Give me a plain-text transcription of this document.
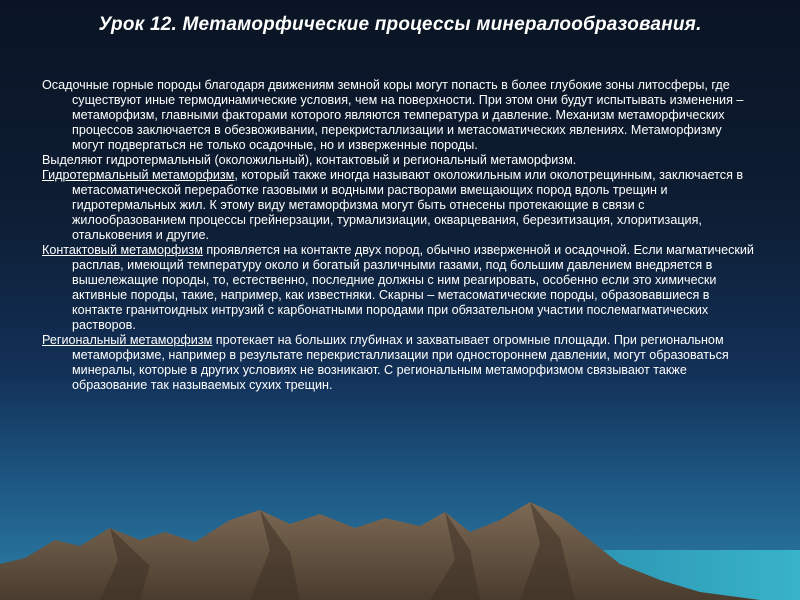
Урок 12. Метаморфические процессы минералообразования.

Осадочные горные породы благодаря движениям земной коры могут попасть в более глубокие зоны литосферы, где существуют иные термодинамические условия, чем на поверхности. При этом они будут испытывать изменения – метаморфизм, главными факторами которого являются температура и давление. Механизм метаморфических процессов заключается в обезвоживании, перекристаллизации и метасоматических явлениях. Метаморфизму могут подвергаться не только осадочные, но и изверженные породы.

Выделяют гидротермальный (околожильный), контактовый и региональный метаморфизм.

Гидротермальный метаморфизм, который также иногда называют околожильным или околотрещинным, заключается в метасоматической переработке газовыми и водными растворами вмещающих пород вдоль трещин и гидротермальных жил. К этому виду метаморфизма могут быть отнесены протекающие в связи с жилообразованием процессы грейнерзации, турмализиации, окварцевания, березитизация, хлоритизация, отальковения и другие.

Контактовый метаморфизм проявляется на контакте двух пород, обычно изверженной и осадочной. Если магматический расплав, имеющий температуру около и богатый различными газами, под большим давлением внедряется в вышележащие породы, то, естественно, последние должны с ним реагировать, особенно если это химически активные породы, такие, например, как известняки. Скарны – метасоматические породы, образовавшиеся в контакте гранитоидных интрузий с карбонатными породами при обязательном участии послемагматических растворов.

Региональный метаморфизм протекает на больших глубинах и захватывает огромные площади. При региональном метаморфизме, например в результате перекристаллизации при одностороннем давлении, могут образоваться минералы, которые в других условиях не возникают. С региональным метаморфизмом связывают также образование так называемых сухих трещин.
